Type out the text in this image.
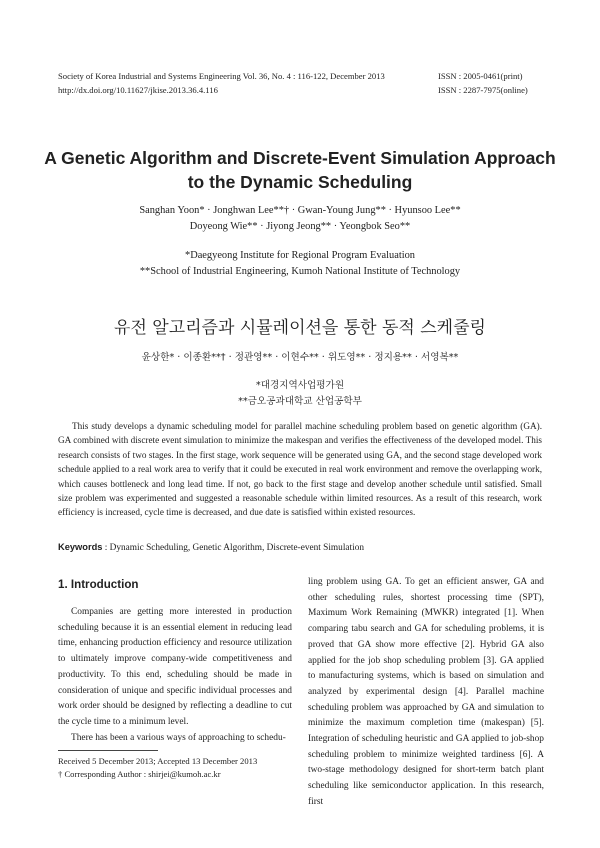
Society of Korea Industrial and Systems Engineering Vol. 36, No. 4 : 116-122, December 2013
http://dx.doi.org/10.11627/jkise.2013.36.4.116
ISSN : 2005-0461(print)
ISSN : 2287-7975(online)
A Genetic Algorithm and Discrete-Event Simulation Approach
to the Dynamic Scheduling
Sanghan Yoon* · Jonghwan Lee**† · Gwan-Young Jung** · Hyunsoo Lee**
Doyeong Wie** · Jiyong Jeong** · Yeongbok Seo**
*Daegyeong Institute for Regional Program Evaluation
**School of Industrial Engineering, Kumoh National Institute of Technology
유전 알고리즘과 시뮬레이션을 통한 동적 스케줄링
윤상한* · 이종환**† · 정관영** · 이현수** · 위도영** · 정지용** · 서영복**
*대경지역사업평가원
**금오공과대학교 산업공학부

This study develops a dynamic scheduling model for parallel machine scheduling problem based on genetic algorithm (GA). GA combined with discrete event simulation to minimize the makespan and verifies the effectiveness of the developed model. This research consists of two stages. In the first stage, work sequence will be generated using GA, and the second stage developed work schedule applied to a real work area to verify that it could be executed in real work environment and remove the overlapping work, which causes bottleneck and long lead time. If not, go back to the first stage and develop another schedule until satisfied. Small size problem was experimented and suggested a reasonable schedule within limited resources. As a result of this research, work efficiency is increased, cycle time is decreased, and due date is satisfied within existed resources.

Keywords : Dynamic Scheduling, Genetic Algorithm, Discrete-event Simulation
1. Introduction

Companies are getting more interested in production scheduling because it is an essential element in reducing lead time, enhancing production efficiency and resource utilization to ultimately improve company-wide competitiveness and productivity. To this end, scheduling should be made in consideration of unique and specific individual processes and work order should be designed by reflecting a deadline to cut the cycle time to a minimum level.

There has been a various ways of approaching to schedu-

Received 5 December 2013; Accepted 13 December 2013
† Corresponding Author : shirjei@kumoh.ac.kr

ling problem using GA. To get an efficient answer, GA and other scheduling rules, shortest processing time (SPT), Maximum Work Remaining (MWKR) integrated [1]. When comparing tabu search and GA for scheduling problems, it is proved that GA show more effective [2]. Hybrid GA also applied for the job shop scheduling problem [3]. GA applied to manufacturing systems, which is based on simulation and analyzed by experimental design [4]. Parallel machine scheduling problem was approached by GA and simulation to minimize the maximum completion time (makespan) [5]. Integration of scheduling heuristic and GA applied to job-shop scheduling problem to minimize weighted tardiness [6]. A two-stage methodology designed for short-term batch plant scheduling like semiconductor application. In this research, first
